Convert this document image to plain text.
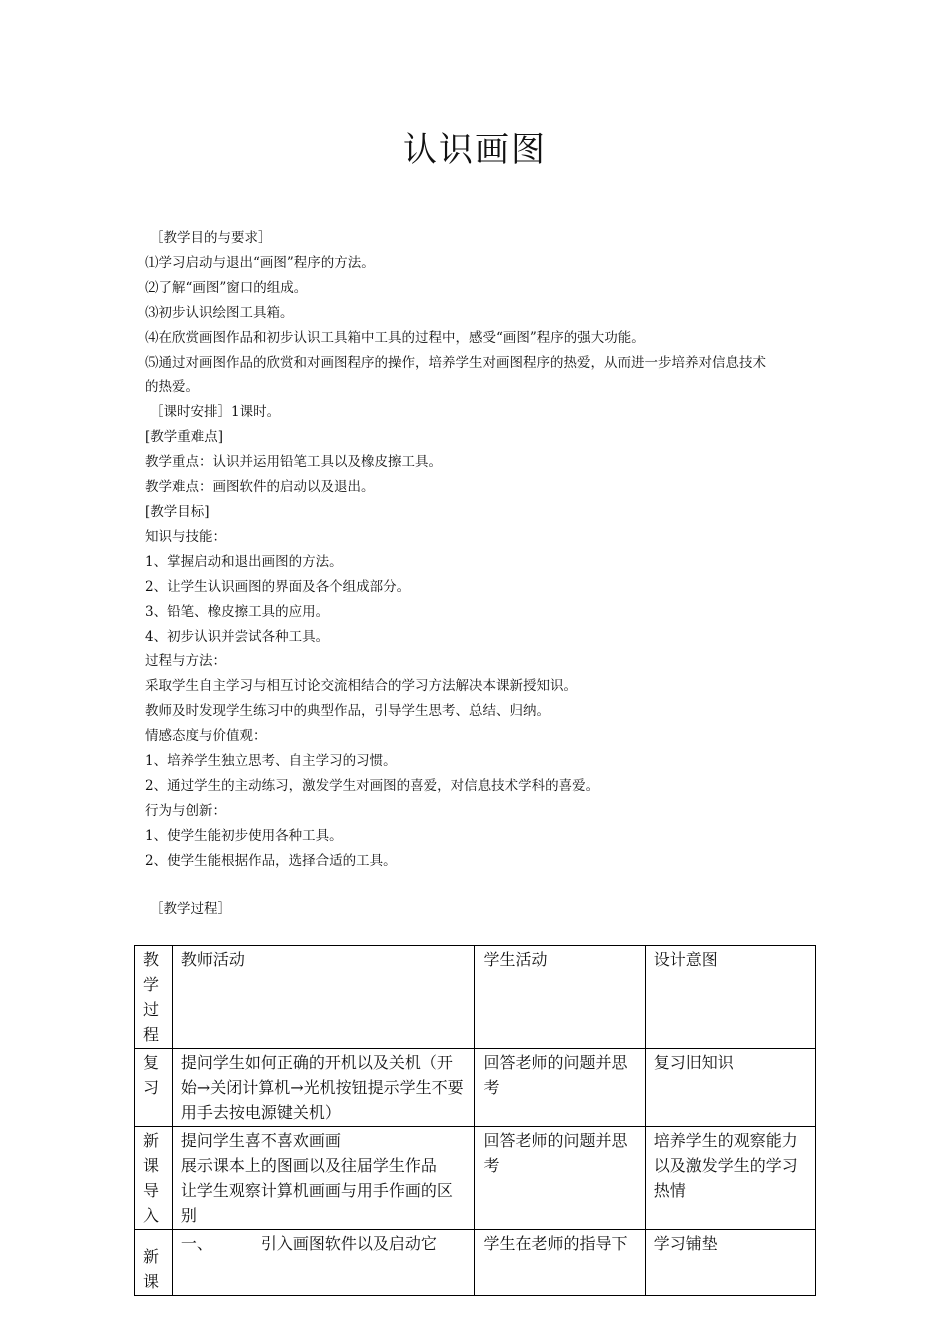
认识画图
［教学目的与要求］
⑴学习启动与退出“画图”程序的方法。
⑵了解“画图”窗口的组成。
⑶初步认识绘图工具箱。
⑷在欣赏画图作品和初步认识工具箱中工具的过程中，感受“画图”程序的强大功能。
⑸通过对画图作品的欣赏和对画图程序的操作，培养学生对画图程序的热爱，从而进一步培养对信息技术
的热爱。
［课时安排］1课时。
[教学重难点]
教学重点：认识并运用铅笔工具以及橡皮擦工具。
教学难点：画图软件的启动以及退出。
[教学目标]
知识与技能：
1、掌握启动和退出画图的方法。
2、让学生认识画图的界面及各个组成部分。
3、铅笔、橡皮擦工具的应用。
4、初步认识并尝试各种工具。
过程与方法：
采取学生自主学习与相互讨论交流相结合的学习方法解决本课新授知识。
教师及时发现学生练习中的典型作品，引导学生思考、总结、归纳。
情感态度与价值观：
1、培养学生独立思考、自主学习的习惯。
2、通过学生的主动练习，激发学生对画图的喜爱，对信息技术学科的喜爱。
行为与创新：
1、使学生能初步使用各种工具。
2、使学生能根据作品，选择合适的工具。
［教学过程］
教学过程	教师活动	学生活动	设计意图
复习	提问学生如何正确的开机以及关机（开始→关闭计算机→光机按钮提示学生不要用手去按电源键关机）	回答老师的问题并思考	复习旧知识
新课导入	提问学生喜不喜欢画画
展示课本上的图画以及往届学生作品
让学生观察计算机画画与用手作画的区别	回答老师的问题并思考	培养学生的观察能力以及激发学生的学习热情

新课	一、 引入画图软件以及启动它	学生在老师的指导下	学习铺垫
